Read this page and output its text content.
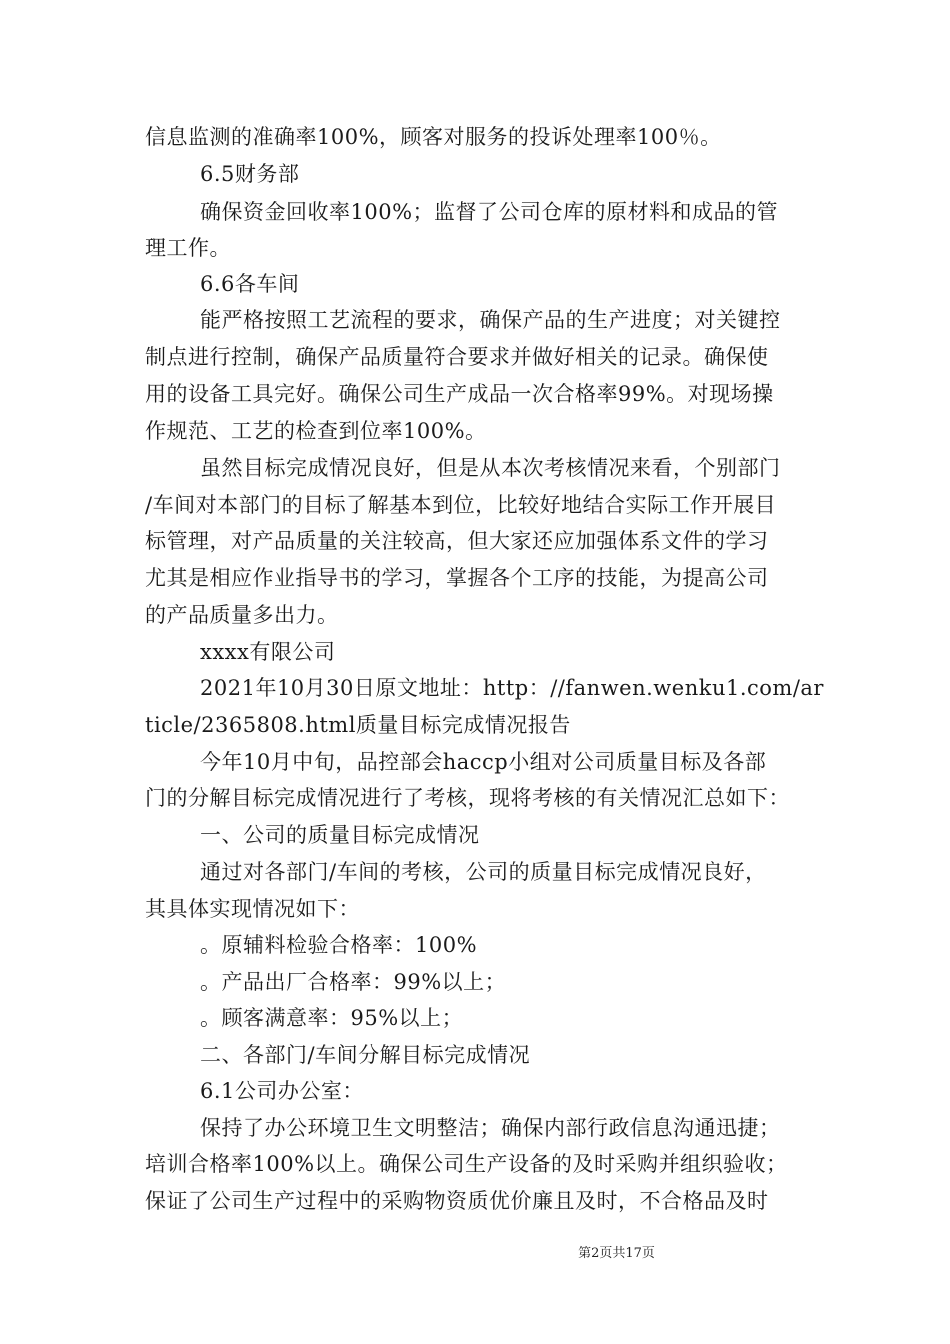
信息监测的准确率100%，顾客对服务的投诉处理率100％。
6.5财务部
确保资金回收率100%；监督了公司仓库的原材料和成品的管
理工作。
6.6各车间
能严格按照工艺流程的要求，确保产品的生产进度；对关键控
制点进行控制，确保产品质量符合要求并做好相关的记录。确保使
用的设备工具完好。确保公司生产成品一次合格率99%。对现场操
作规范、工艺的检查到位率100%。
虽然目标完成情况良好，但是从本次考核情况来看，个别部门
/车间对本部门的目标了解基本到位，比较好地结合实际工作开展目
标管理，对产品质量的关注较高，但大家还应加强体系文件的学习
尤其是相应作业指导书的学习，掌握各个工序的技能，为提高公司
的产品质量多出力。
xxxx有限公司
2021年10月30日原文地址：http：//fanwen.wenku1.com/ar
ticle/2365808.html质量目标完成情况报告
今年10月中旬，品控部会haccp小组对公司质量目标及各部
门的分解目标完成情况进行了考核，现将考核的有关情况汇总如下：
一、公司的质量目标完成情况
通过对各部门/车间的考核，公司的质量目标完成情况良好，
其具体实现情况如下：
。原辅料检验合格率：100%
。产品出厂合格率：99%以上；
。顾客满意率：95%以上；
二、各部门/车间分解目标完成情况
6.1公司办公室：
保持了办公环境卫生文明整洁；确保内部行政信息沟通迅捷；
培训合格率100%以上。确保公司生产设备的及时采购并组织验收；
保证了公司生产过程中的采购物资质优价廉且及时，不合格品及时
第2页共17页
